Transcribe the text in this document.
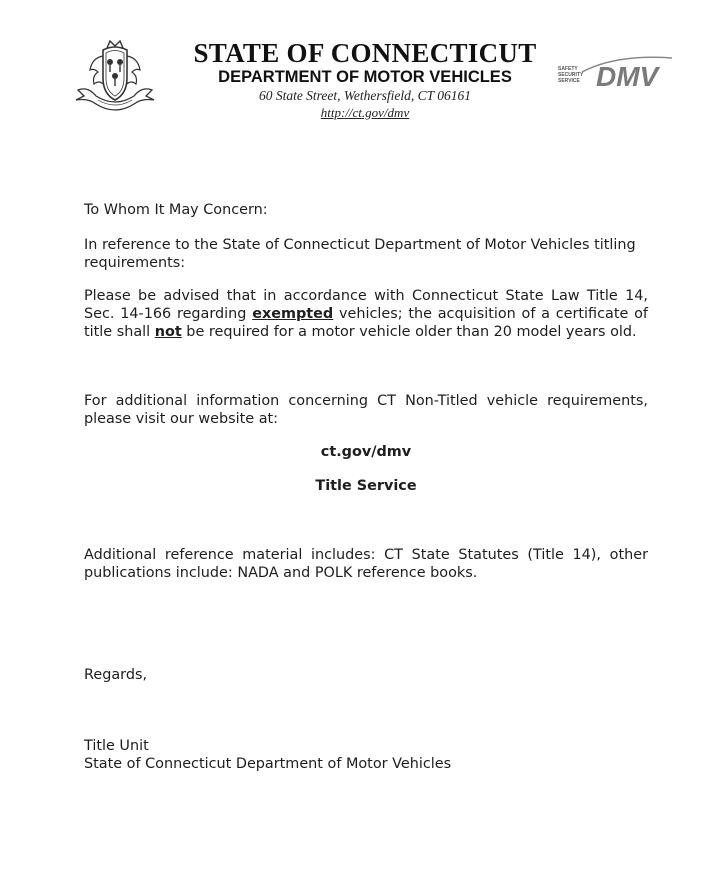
STATE OF CONNECTICUT
DEPARTMENT OF MOTOR VEHICLES
60 State Street, Wethersfield, CT 06161
http://ct.gov/dmv
SAFETY
SECURITY
SERVICE DMV

To Whom It May Concern:

In reference to the State of Connecticut Department of Motor Vehicles titling requirements:

Please be advised that in accordance with Connecticut State Law Title 14, Sec. 14-166 regarding exempted vehicles; the acquisition of a certificate of title shall not be required for a motor vehicle older than 20 model years old.

For additional information concerning CT Non-Titled vehicle requirements, please visit our website at:

ct.gov/dmv

Title Service

Additional reference material includes: CT State Statutes (Title 14), other publications include: NADA and POLK reference books.

Regards,

Title Unit

State of Connecticut Department of Motor Vehicles
